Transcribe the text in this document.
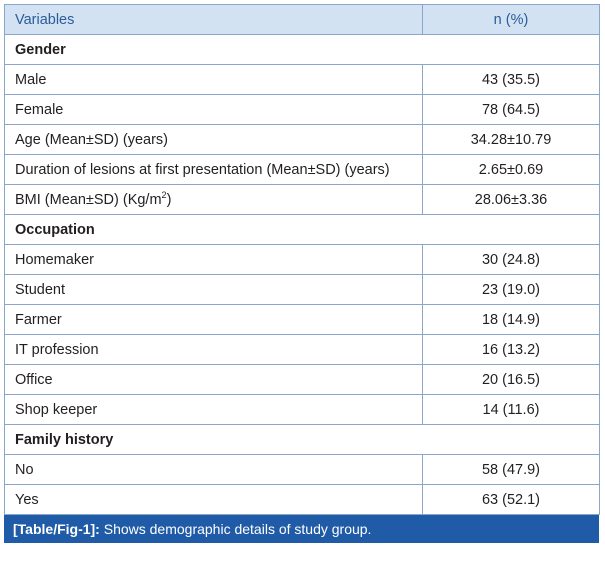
Variables	n (%)
Gender	
Male	43 (35.5)
Female	78 (64.5)
Age (Mean±SD) (years)	34.28±10.79
Duration of lesions at first presentation (Mean±SD) (years)	2.65±0.69
BMI (Mean±SD) $(Kg/m^2)$	28.06±3.36
Occupation	
Homemaker	30 (24.8)
Student	23 (19.0)
Farmer	18 (14.9)
IT profession	16 (13.2)
Office	20 (16.5)
Shop keeper	14 (11.6)
Family history	
No	58 (47.9)
Yes	63 (52.1)
[Table/Fig-1]: Shows demographic details of study group.
